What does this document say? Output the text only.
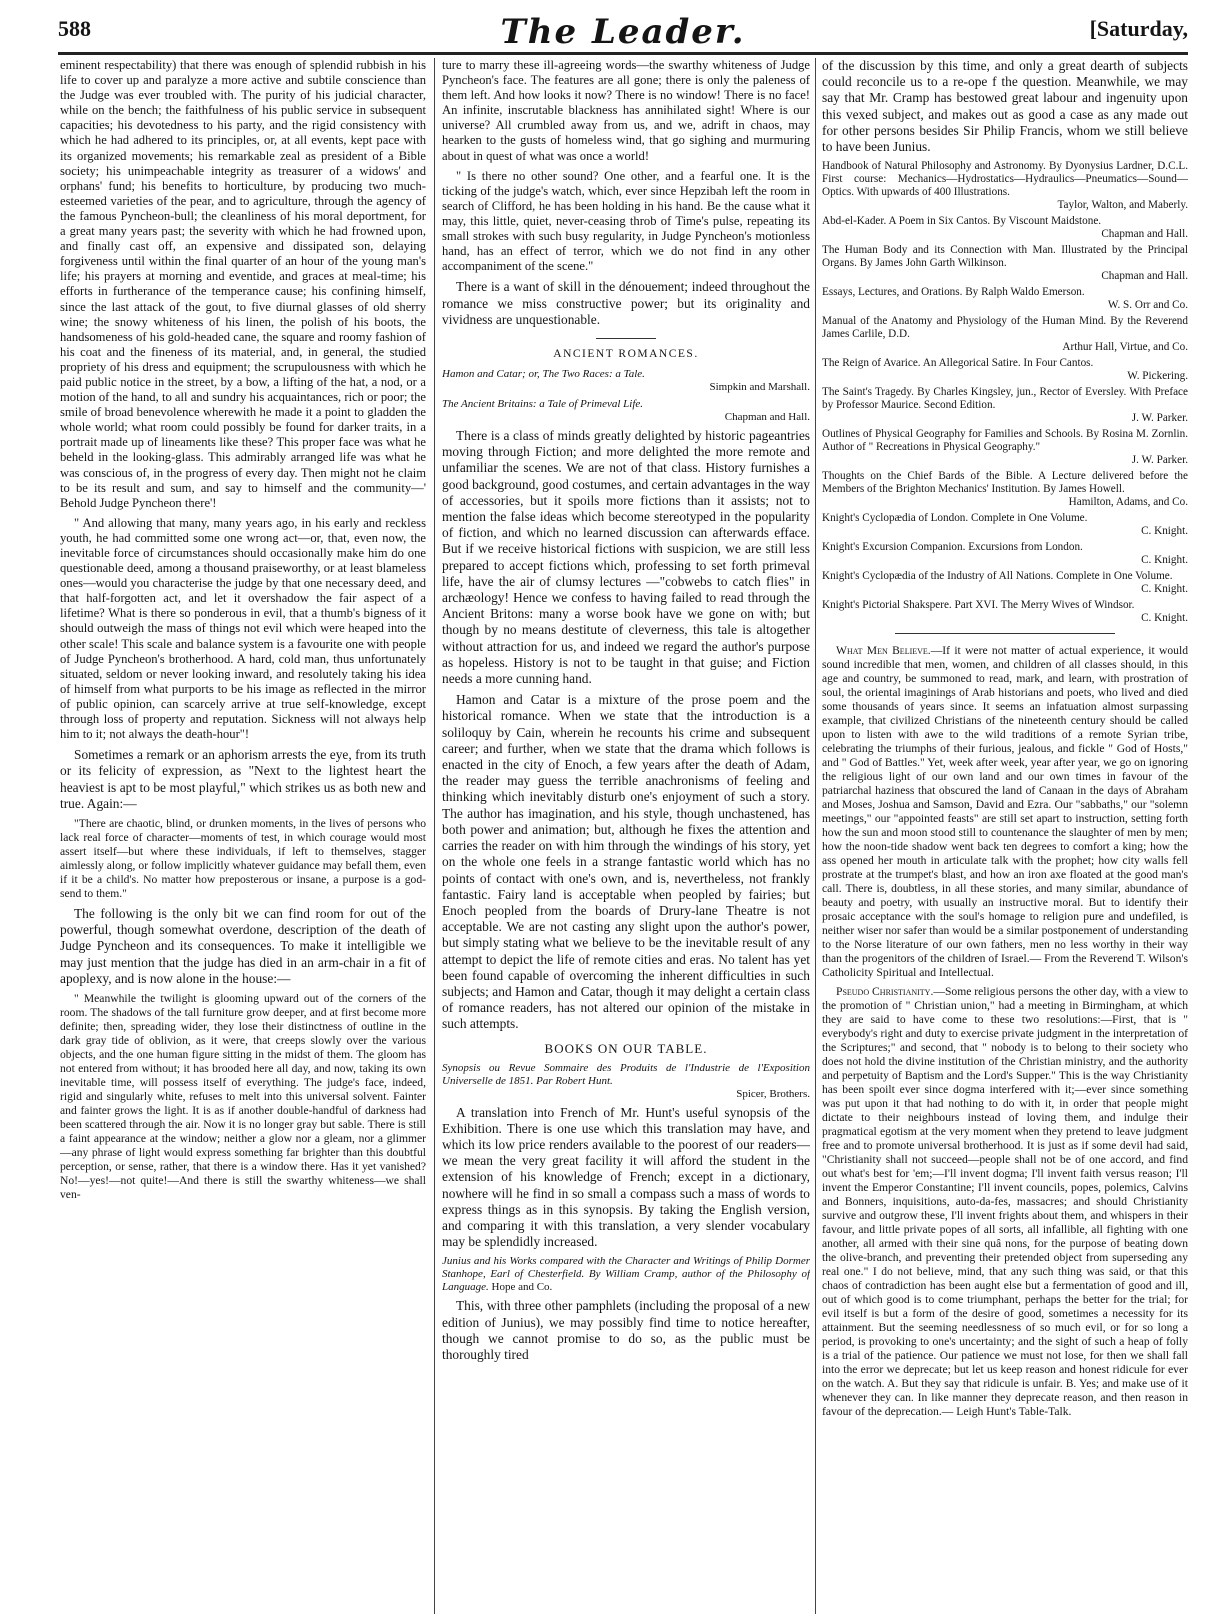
588	The Leader.	[Saturday,

eminent respectability) that there was enough of splendid rubbish in his life to cover up and paralyze a more active and subtile conscience than the Judge was ever troubled with. The purity of his judicial character, while on the bench; the faithfulness of his public service in subsequent capacities; his devotedness to his party, and the rigid consistency with which he had adhered to its principles, or, at all events, kept pace with its organized movements; his remarkable zeal as president of a Bible society; his unimpeachable integrity as treasurer of a widows' and orphans' fund; his benefits to horticulture, by producing two much-esteemed varieties of the pear, and to agriculture, through the agency of the famous Pyncheon-bull; the cleanliness of his moral deportment, for a great many years past; the severity with which he had frowned upon, and finally cast off, an expensive and dissipated son, delaying forgiveness until within the final quarter of an hour of the young man's life; his prayers at morning and eventide, and graces at meal-time; his efforts in furtherance of the temperance cause; his confining himself, since the last attack of the gout, to five diurnal glasses of old sherry wine; the snowy whiteness of his linen, the polish of his boots, the handsomeness of his gold-headed cane, the square and roomy fashion of his coat and the fineness of its material, and, in general, the studied propriety of his dress and equipment; the scrupulousness with which he paid public notice in the street, by a bow, a lifting of the hat, a nod, or a motion of the hand, to all and sundry his acquaintances, rich or poor; the smile of broad benevolence wherewith he made it a point to gladden the whole world; what room could possibly be found for darker traits, in a portrait made up of lineaments like these? This proper face was what he beheld in the looking-glass. This admirably arranged life was what he was conscious of, in the progress of every day. Then might not he claim to be its result and sum, and say to himself and the community—' Behold Judge Pyncheon there'!

" And allowing that many, many years ago, in his early and reckless youth, he had committed some one wrong act—or, that, even now, the inevitable force of circumstances should occasionally make him do one questionable deed, among a thousand praiseworthy, or at least blameless ones—would you characterise the judge by that one necessary deed, and that half-forgotten act, and let it overshadow the fair aspect of a lifetime? What is there so ponderous in evil, that a thumb's bigness of it should outweigh the mass of things not evil which were heaped into the other scale! This scale and balance system is a favourite one with people of Judge Pyncheon's brotherhood. A hard, cold man, thus unfortunately situated, seldom or never looking inward, and resolutely taking his idea of himself from what purports to be his image as reflected in the mirror of public opinion, can scarcely arrive at true self-knowledge, except through loss of property and reputation. Sickness will not always help him to it; not always the death-hour"!

Sometimes a remark or an aphorism arrests the eye, from its truth or its felicity of expression, as "Next to the lightest heart the heaviest is apt to be most playful," which strikes us as both new and true. Again:—

"There are chaotic, blind, or drunken moments, in the lives of persons who lack real force of character—moments of test, in which courage would most assert itself—but where these individuals, if left to themselves, stagger aimlessly along, or follow implicitly whatever guidance may befall them, even if it be a child's. No matter how preposterous or insane, a purpose is a god-send to them."

The following is the only bit we can find room for out of the powerful, though somewhat overdone, description of the death of Judge Pyncheon and its consequences. To make it intelligible we may just mention that the judge has died in an arm-chair in a fit of apoplexy, and is now alone in the house:—

" Meanwhile the twilight is glooming upward out of the corners of the room. The shadows of the tall furniture grow deeper, and at first become more definite; then, spreading wider, they lose their distinctness of outline in the dark gray tide of oblivion, as it were, that creeps slowly over the various objects, and the one human figure sitting in the midst of them. The gloom has not entered from without; it has brooded here all day, and now, taking its own inevitable time, will possess itself of everything. The judge's face, indeed, rigid and singularly white, refuses to melt into this universal solvent. Fainter and fainter grows the light. It is as if another double-handful of darkness had been scattered through the air. Now it is no longer gray but sable. There is still a faint appearance at the window; neither a glow nor a gleam, nor a glimmer—any phrase of light would express something far brighter than this doubtful perception, or sense, rather, that there is a window there. Has it yet vanished? No!—yes!—not quite!—And there is still the swarthy whiteness—we shall ven-

ture to marry these ill-agreeing words—the swarthy whiteness of Judge Pyncheon's face. The features are all gone; there is only the paleness of them left. And how looks it now? There is no window! There is no face! An infinite, inscrutable blackness has annihilated sight! Where is our universe? All crumbled away from us, and we, adrift in chaos, may hearken to the gusts of homeless wind, that go sighing and murmuring about in quest of what was once a world!

" Is there no other sound? One other, and a fearful one. It is the ticking of the judge's watch, which, ever since Hepzibah left the room in search of Clifford, he has been holding in his hand. Be the cause what it may, this little, quiet, never-ceasing throb of Time's pulse, repeating its small strokes with such busy regularity, in Judge Pyncheon's motionless hand, has an effect of terror, which we do not find in any other accompaniment of the scene."

There is a want of skill in the dénouement; indeed throughout the romance we miss constructive power; but its originality and vividness are unquestionable.

ANCIENT ROMANCES.

Hamon and Catar; or, The Two Races: a Tale.
Simpkin and Marshall.

The Ancient Britains: a Tale of Primeval Life.
Chapman and Hall.

There is a class of minds greatly delighted by historic pageantries moving through Fiction; and more delighted the more remote and unfamiliar the scenes. We are not of that class. History furnishes a good background, good costumes, and certain advantages in the way of accessories, but it spoils more fictions than it assists; not to mention the false ideas which become stereotyped in the popularity of fiction, and which no learned discussion can afterwards efface. But if we receive historical fictions with suspicion, we are still less prepared to accept fictions which, professing to set forth primeval life, have the air of clumsy lectures —"cobwebs to catch flies" in archæology! Hence we confess to having failed to read through the Ancient Britons: many a worse book have we gone on with; but though by no means destitute of cleverness, this tale is altogether without attraction for us, and indeed we regard the author's purpose as hopeless. History is not to be taught in that guise; and Fiction needs a more cunning hand.

Hamon and Catar is a mixture of the prose poem and the historical romance. When we state that the introduction is a soliloquy by Cain, wherein he recounts his crime and subsequent career; and further, when we state that the drama which follows is enacted in the city of Enoch, a few years after the death of Adam, the reader may guess the terrible anachronisms of feeling and thinking which inevitably disturb one's enjoyment of such a story. The author has imagination, and his style, though unchastened, has both power and animation; but, although he fixes the attention and carries the reader on with him through the windings of his story, yet on the whole one feels in a strange fantastic world which has no points of contact with one's own, and is, nevertheless, not frankly fantastic. Fairy land is acceptable when peopled by fairies; but Enoch peopled from the boards of Drury-lane Theatre is not acceptable. We are not casting any slight upon the author's power, but simply stating what we believe to be the inevitable result of any attempt to depict the life of remote cities and eras. No talent has yet been found capable of overcoming the inherent difficulties in such subjects; and Hamon and Catar, though it may delight a certain class of romance readers, has not altered our opinion of the mistake in such attempts.

BOOKS ON OUR TABLE.

Synopsis ou Revue Sommaire des Produits de l'Industrie de l'Exposition Universelle de 1851. Par Robert Hunt.
Spicer, Brothers.

A translation into French of Mr. Hunt's useful synopsis of the Exhibition. There is one use which this translation may have, and which its low price renders available to the poorest of our readers—we mean the very great facility it will afford the student in the extension of his knowledge of French; except in a dictionary, nowhere will he find in so small a compass such a mass of words to express things as in this synopsis. By taking the English version, and comparing it with this translation, a very slender vocabulary may be splendidly increased.

Junius and his Works compared with the Character and Writings of Philip Dormer Stanhope, Earl of Chesterfield. By William Cramp, author of the Philosophy of Language. Hope and Co.

This, with three other pamphlets (including the proposal of a new edition of Junius), we may possibly find time to notice hereafter, though we cannot promise to do so, as the public must be thoroughly tired

of the discussion by this time, and only a great dearth of subjects could reconcile us to a re-ope f the question. Meanwhile, we may say that Mr. Cramp has bestowed great labour and ingenuity upon this vexed subject, and makes out as good a case as any made out for other persons besides Sir Philip Francis, whom we still believe to have been Junius.

Handbook of Natural Philosophy and Astronomy. By Dyonysius Lardner, D.C.L. First course: Mechanics—Hydrostatics—Hydraulics—Pneumatics—Sound—Optics. With upwards of 400 Illustrations.
Taylor, Walton, and Maberly.

Abd-el-Kader. A Poem in Six Cantos. By Viscount Maidstone.
Chapman and Hall.

The Human Body and its Connection with Man. Illustrated by the Principal Organs. By James John Garth Wilkinson.
Chapman and Hall.

Essays, Lectures, and Orations. By Ralph Waldo Emerson.
W. S. Orr and Co.

Manual of the Anatomy and Physiology of the Human Mind. By the Reverend James Carlile, D.D.
Arthur Hall, Virtue, and Co.

The Reign of Avarice. An Allegorical Satire. In Four Cantos.
W. Pickering.

The Saint's Tragedy. By Charles Kingsley, jun., Rector of Eversley. With Preface by Professor Maurice. Second Edition.
J. W. Parker.

Outlines of Physical Geography for Families and Schools. By Rosina M. Zornlin. Author of " Recreations in Physical Geography."
J. W. Parker.

Thoughts on the Chief Bards of the Bible. A Lecture delivered before the Members of the Brighton Mechanics' Institution. By James Howell.
Hamilton, Adams, and Co.

Knight's Cyclopædia of London. Complete in One Volume.
C. Knight.

Knight's Excursion Companion. Excursions from London.
C. Knight.

Knight's Cyclopædia of the Industry of All Nations. Complete in One Volume.
C. Knight.

Knight's Pictorial Shakspere. Part XVI. The Merry Wives of Windsor.
C. Knight.

What Men Believe.—If it were not matter of actual experience, it would sound incredible that men, women, and children of all classes should, in this age and country, be summoned to read, mark, and learn, with prostration of soul, the oriental imaginings of Arab historians and poets, who lived and died some thousands of years since. It seems an infatuation almost surpassing example, that civilized Christians of the nineteenth century should be called upon to listen with awe to the wild traditions of a remote Syrian tribe, celebrating the triumphs of their furious, jealous, and fickle " God of Hosts," and " God of Battles." Yet, week after week, year after year, we go on ignoring the religious light of our own land and our own times in favour of the patriarchal haziness that obscured the land of Canaan in the days of Abraham and Moses, Joshua and Samson, David and Ezra. Our "sabbaths," our "solemn meetings," our "appointed feasts" are still set apart to instruction, setting forth how the sun and moon stood still to countenance the slaughter of men by men; how the noon-tide shadow went back ten degrees to comfort a king; how the ass opened her mouth in articulate talk with the prophet; how city walls fell prostrate at the trumpet's blast, and how an iron axe floated at the good man's call. There is, doubtless, in all these stories, and many similar, abundance of beauty and poetry, with usually an instructive moral. But to identify their prosaic acceptance with the soul's homage to religion pure and undefiled, is neither wiser nor safer than would be a similar postponement of understanding to the Norse literature of our own fathers, men no less worthy in their way than the progenitors of the children of Israel.— From the Reverend T. Wilson's Catholicity Spiritual and Intellectual.

Pseudo Christianity.—Some religious persons the other day, with a view to the promotion of " Christian union," had a meeting in Birmingham, at which they are said to have come to these two resolutions:—First, that is " everybody's right and duty to exercise private judgment in the interpretation of the Scriptures;" and second, that " nobody is to belong to their society who does not hold the divine institution of the Christian ministry, and the authority and perpetuity of Baptism and the Lord's Supper." This is the way Christianity has been spoilt ever since dogma interfered with it;—ever since something was put upon it that had nothing to do with it, in order that people might dictate to their neighbours instead of loving them, and indulge their pragmatical egotism at the very moment when they pretend to leave judgment free and to promote universal brotherhood. It is just as if some devil had said, "Christianity shall not succeed—people shall not be of one accord, and find out what's best for 'em;—I'll invent dogma; I'll invent faith versus reason; I'll invent the Emperor Constantine; I'll invent councils, popes, polemics, Calvins and Bonners, inquisitions, auto-da-fes, massacres; and should Christianity survive and outgrow these, I'll invent frights about them, and whispers in their favour, and little private popes of all sorts, all infallible, all fighting with one another, all armed with their sine quâ nons, for the purpose of beating down the olive-branch, and preventing their pretended object from superseding any real one." I do not believe, mind, that any such thing was said, or that this chaos of contradiction has been aught else but a fermentation of good and ill, out of which good is to come triumphant, perhaps the better for the trial; for evil itself is but a form of the desire of good, sometimes a necessity for its attainment. But the seeming needlessness of so much evil, or for so long a period, is provoking to one's uncertainty; and the sight of such a heap of folly is a trial of the patience. Our patience we must not lose, for then we shall fall into the error we deprecate; but let us keep reason and honest ridicule for ever on the watch. A. But they say that ridicule is unfair. B. Yes; and make use of it whenever they can. In like manner they deprecate reason, and then reason in favour of the deprecation.— Leigh Hunt's Table-Talk.
